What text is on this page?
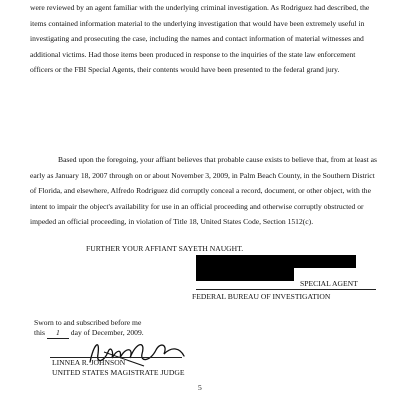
were reviewed by an agent familiar with the underlying criminal investigation. As Rodriguez had described, the items contained information material to the underlying investigation that would have been extremely useful in investigating and prosecuting the case, including the names and contact information of material witnesses and additional victims. Had those items been produced in response to the inquiries of the state law enforcement officers or the FBI Special Agents, their contents would have been presented to the federal grand jury.

Based upon the foregoing, your affiant believes that probable cause exists to believe that, from at least as early as January 18, 2007 through on or about November 3, 2009, in Palm Beach County, in the Southern District of Florida, and elsewhere, Alfredo Rodriguez did corruptly conceal a record, document, or other object, with the intent to impair the object's availability for use in an official proceeding and otherwise corruptly obstructed or impeded an official proceeding, in violation of Title 18, United States Code, Section 1512(c).

FURTHER YOUR AFFIANT SAYETH NAUGHT.
SPECIAL AGENT
FEDERAL BUREAU OF INVESTIGATION
Sworn to and subscribed before me
this 1 day of December, 2009.
LINNEA R. JOHNSON
UNITED STATES MAGISTRATE JUDGE
5
